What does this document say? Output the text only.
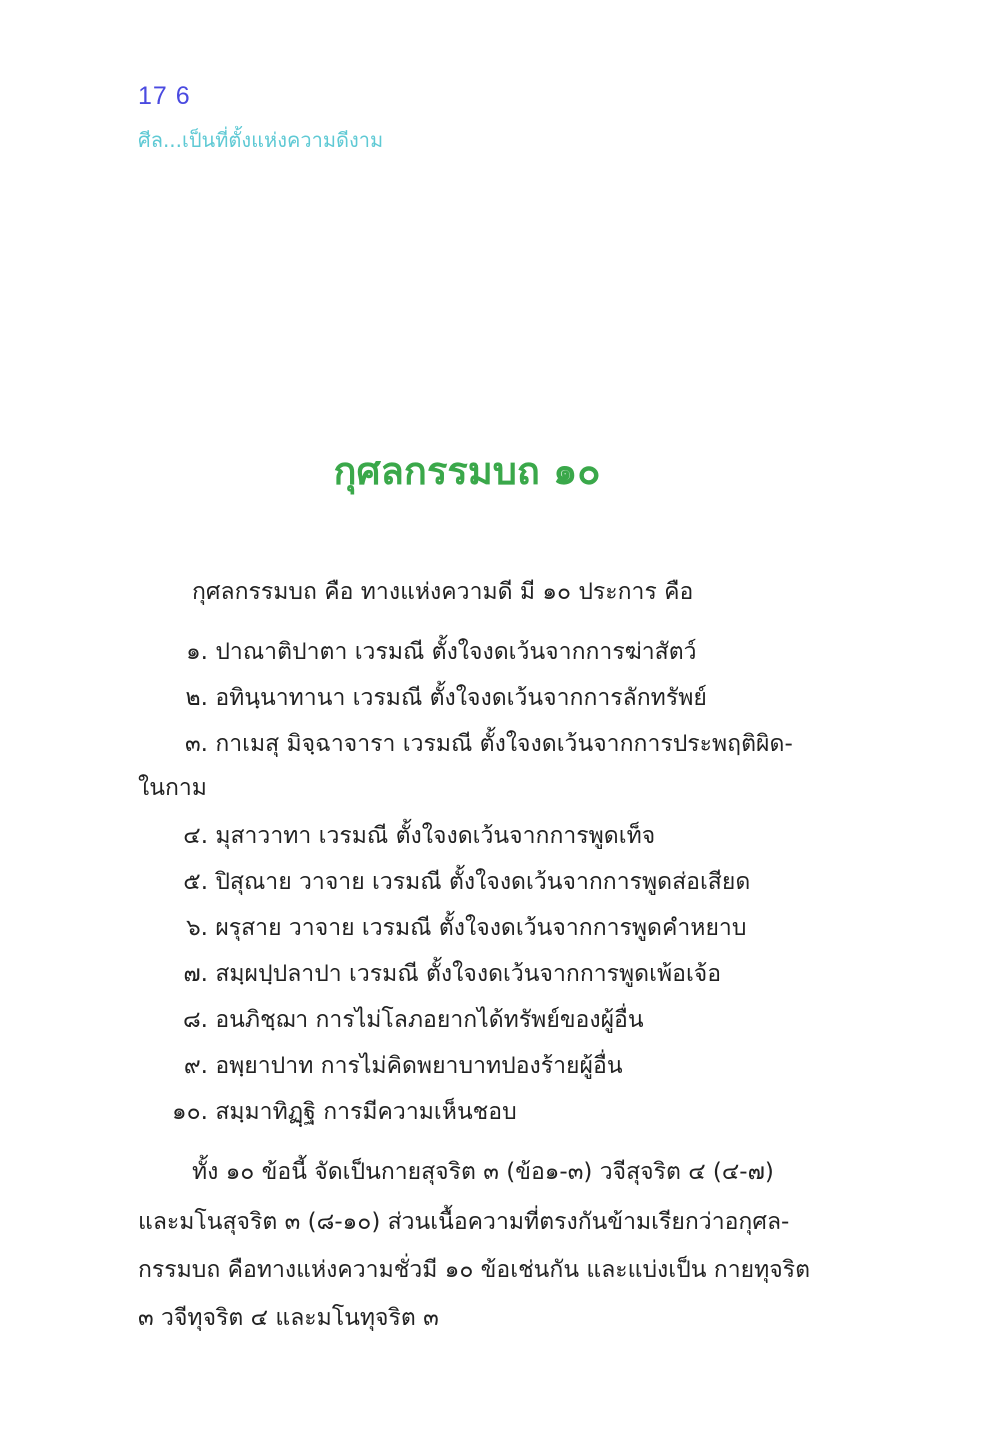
17 6
ศีล...เป็นที่ตั้งแห่งความดีงาม
กุศลกรรมบถ ๑๐
กุศลกรรมบถ คือ ทางแห่งความดี มี ๑๐ ประการ คือ
๑. ปาณาติปาตา เวรมณี ตั้งใจงดเว้นจากการฆ่าสัตว์
๒. อทินฺนาทานา เวรมณี ตั้งใจงดเว้นจากการลักทรัพย์
๓. กาเมสุ มิจฺฉาจารา เวรมณี ตั้งใจงดเว้นจากการประพฤติผิด-
ในกาม
๔. มุสาวาทา เวรมณี ตั้งใจงดเว้นจากการพูดเท็จ
๕. ปิสุณาย วาจาย เวรมณี ตั้งใจงดเว้นจากการพูดส่อเสียด
๖. ผรุสาย วาจาย เวรมณี ตั้งใจงดเว้นจากการพูดคำหยาบ
๗. สมฺผปฺปลาปา เวรมณี ตั้งใจงดเว้นจากการพูดเพ้อเจ้อ
๘. อนภิชฺฌา การไม่โลภอยากได้ทรัพย์ของผู้อื่น
๙. อพฺยาปาท การไม่คิดพยาบาทปองร้ายผู้อื่น
๑๐. สมฺมาทิฏฺฐิ การมีความเห็นชอบ
ทั้ง ๑๐ ข้อนี้ จัดเป็นกายสุจริต ๓ (ข้อ๑-๓) วจีสุจริต ๔ (๔-๗)
และมโนสุจริต ๓ (๘-๑๐) ส่วนเนื้อความที่ตรงกันข้ามเรียกว่าอกุศล-
กรรมบถ คือทางแห่งความชั่วมี ๑๐ ข้อเช่นกัน และแบ่งเป็น กายทุจริต
๓ วจีทุจริต ๔ และมโนทุจริต ๓
